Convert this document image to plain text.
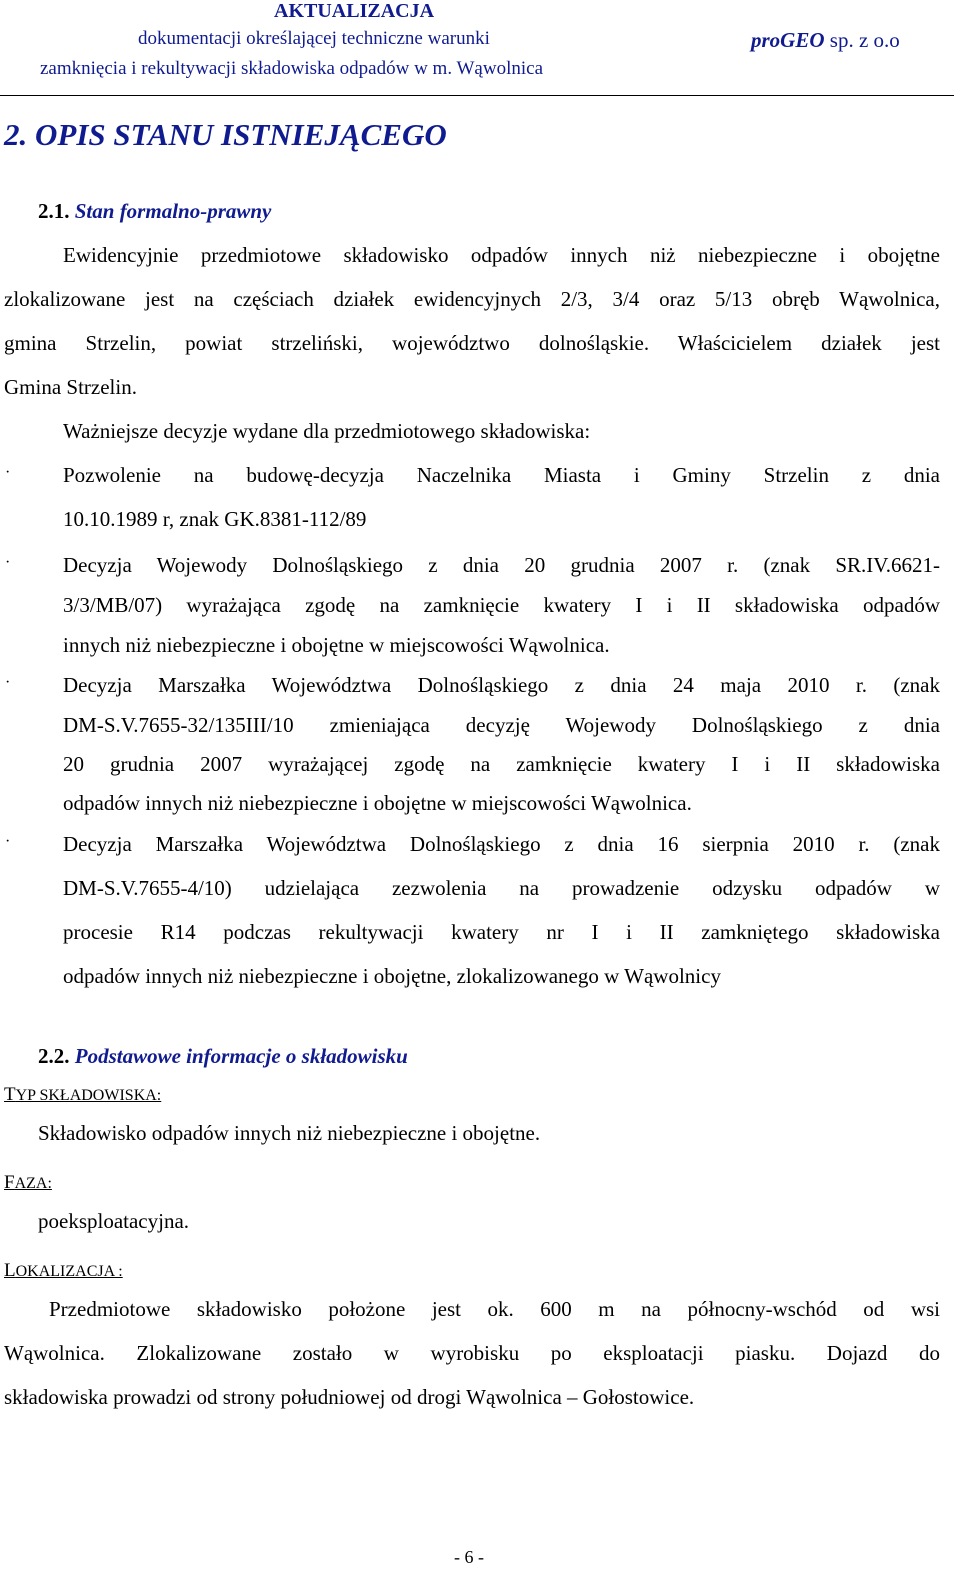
AKTUALIZACJA
dokumentacji określającej techniczne warunki
zamknięcia i rekultywacji składowiska odpadów w m. Wąwolnica
proGEO sp. z o.o
2. OPIS STANU ISTNIEJĄCEGO
2.1. Stan formalno-prawny
Ewidencyjnie przedmiotowe składowisko odpadów innych niż niebezpieczne i obojętne
zlokalizowane jest na częściach działek ewidencyjnych 2/3, 3/4 oraz 5/13 obręb Wąwolnica,
gmina Strzelin, powiat strzeliński, województwo dolnośląskie. Właścicielem działek jest
Gmina Strzelin.
Ważniejsze decyzje wydane dla przedmiotowego składowiska:
·	Pozwolenie na budowę-decyzja Naczelnika Miasta i Gminy Strzelin z dnia
10.10.1989 r, znak GK.8381-112/89
·	Decyzja Wojewody Dolnośląskiego z dnia 20 grudnia 2007 r. (znak SR.IV.6621-
3/3/MB/07) wyrażająca zgodę na zamknięcie kwatery I i II składowiska odpadów
innych niż niebezpieczne i obojętne w miejscowości Wąwolnica.
·	Decyzja Marszałka Województwa Dolnośląskiego z dnia 24 maja 2010 r. (znak
DM-S.V.7655-32/135III/10 zmieniająca decyzję Wojewody Dolnośląskiego z dnia
20 grudnia 2007 wyrażającej zgodę na zamknięcie kwatery I i II składowiska
odpadów innych niż niebezpieczne i obojętne w miejscowości Wąwolnica.
·	Decyzja Marszałka Województwa Dolnośląskiego z dnia 16 sierpnia 2010 r. (znak
DM-S.V.7655-4/10) udzielająca zezwolenia na prowadzenie odzysku odpadów w
procesie R14 podczas rekultywacji kwatery nr I i II zamkniętego składowiska
odpadów innych niż niebezpieczne i obojętne, zlokalizowanego w Wąwolnicy
2.2. Podstawowe informacje o składowisku
TYP SKŁADOWISKA:
Składowisko odpadów innych niż niebezpieczne i obojętne.
FAZA:
poeksploatacyjna.
LOKALIZACJA :
Przedmiotowe składowisko położone jest ok. 600 m na północny-wschód od wsi
Wąwolnica. Zlokalizowane zostało w wyrobisku po eksploatacji piasku. Dojazd do
składowiska prowadzi od strony południowej od drogi Wąwolnica – Gołostowice.
- 6 -
